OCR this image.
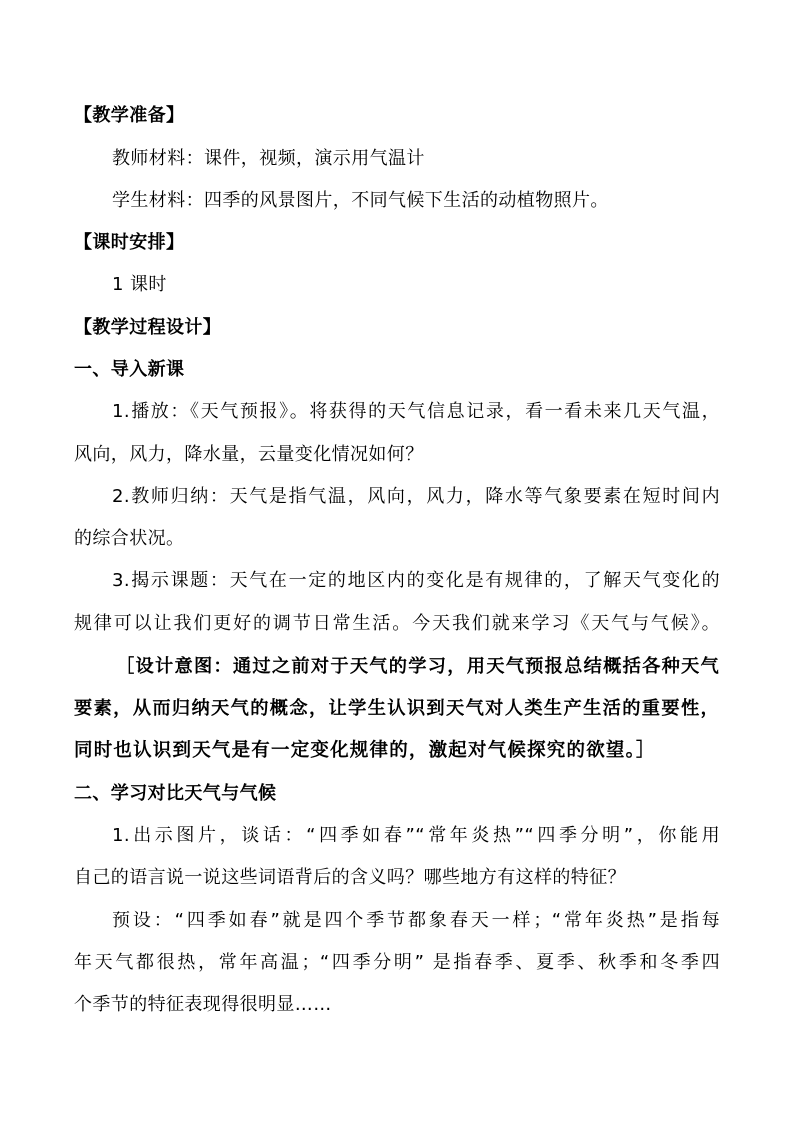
【教学准备】
教师材料：课件，视频，演示用气温计
学生材料：四季的风景图片，不同气候下生活的动植物照片。
【课时安排】
1 课时
【教学过程设计】
一、导入新课
1.播放：《天气预报》。将获得的天气信息记录，看一看未来几天气温，
风向，风力，降水量，云量变化情况如何？
2.教师归纳：天气是指气温，风向，风力，降水等气象要素在短时间内
的综合状况。
3.揭示课题：天气在一定的地区内的变化是有规律的，了解天气变化的
规律可以让我们更好的调节日常生活。今天我们就来学习《天气与气候》。
［设计意图：通过之前对于天气的学习，用天气预报总结概括各种天气
要素，从而归纳天气的概念，让学生认识到天气对人类生产生活的重要性，
同时也认识到天气是有一定变化规律的，激起对气候探究的欲望。］
二、学习对比天气与气候
1.出示图片，谈话：“四季如春”“常年炎热”“四季分明”，你能用
自己的语言说一说这些词语背后的含义吗？哪些地方有这样的特征？
预设：“四季如春”就是四个季节都象春天一样；“常年炎热”是指每
年天气都很热，常年高温；“四季分明” 是指春季、夏季、秋季和冬季四
个季节的特征表现得很明显……
